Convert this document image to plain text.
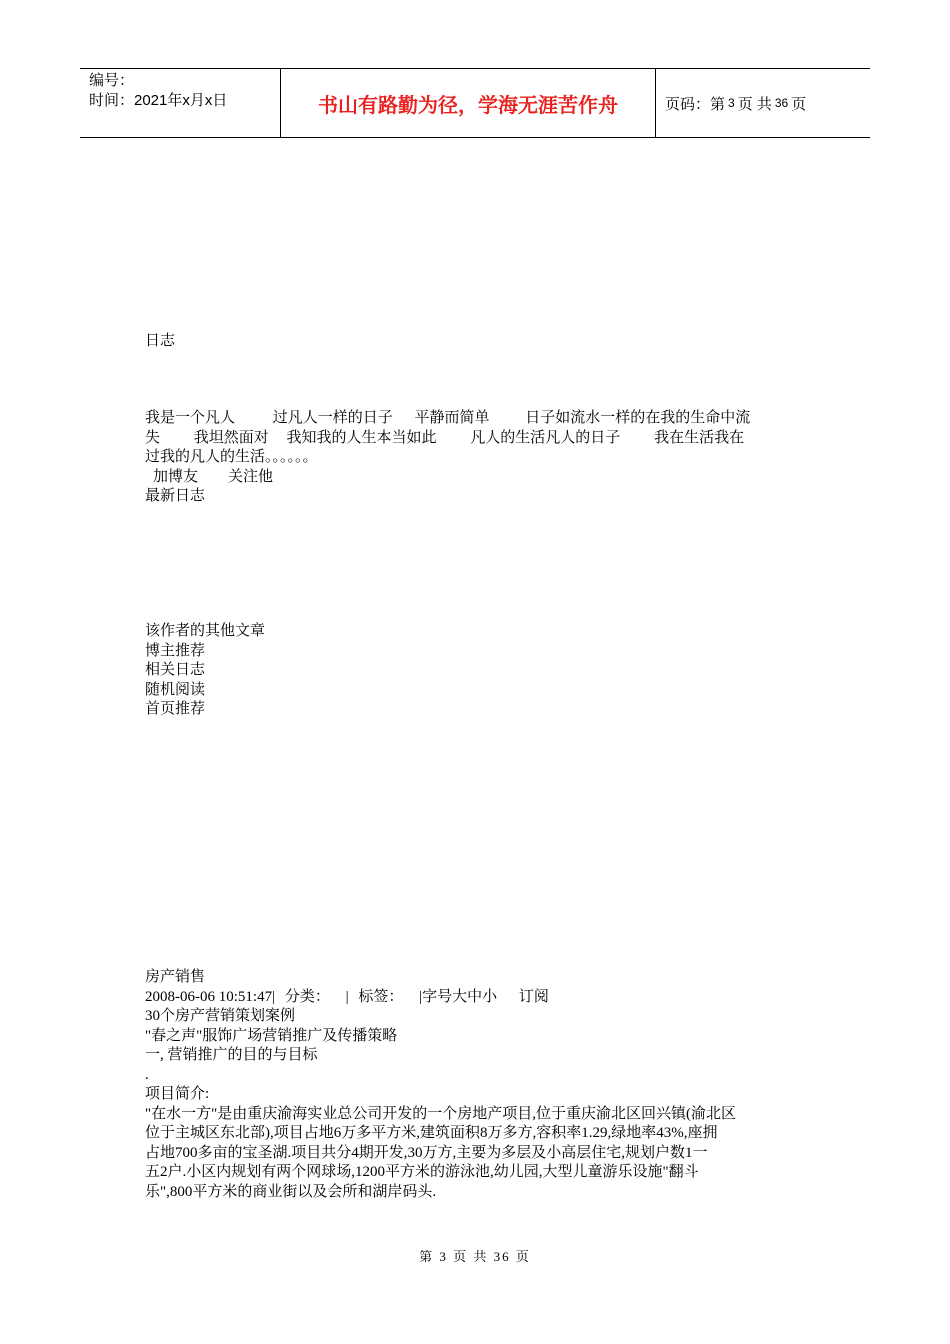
编号：
时间：2021年x月x日	书山有路勤为径，学海无涯苦作舟	页码：第 3 页 共 36 页
日志
我是一个凡人	过凡人一样的日子 平静而简单 日子如流水一样的在我的生命中流
失 我坦然面对 我知我的人生本当如此 凡人的生活凡人的日子 我在生活我在
过我的凡人的生活。。。。。。
加博友 关注他
最新日志
该作者的其他文章
博主推荐
相关日志
随机阅读
首页推荐
房产销售
2008-06-06 10:51:47| 分类： | 标签： |字号大中小 订阅
30个房产营销策划案例
"春之声"服饰广场营销推广及传播策略
一, 营销推广的目的与目标
.
项目简介:
"在水一方"是由重庆渝海实业总公司开发的一个房地产项目,位于重庆渝北区回兴镇(渝北区
位于主城区东北部),项目占地6万多平方米,建筑面积8万多方,容积率1.29,绿地率43%,座拥
占地700多亩的宝圣湖.项目共分4期开发,30万方,主要为多层及小高层住宅,规划户数1一
五2户.小区内规划有两个网球场,1200平方米的游泳池,幼儿园,大型儿童游乐设施"翻斗
乐",800平方米的商业街以及会所和湖岸码头.
第 3 页 共 36 页
